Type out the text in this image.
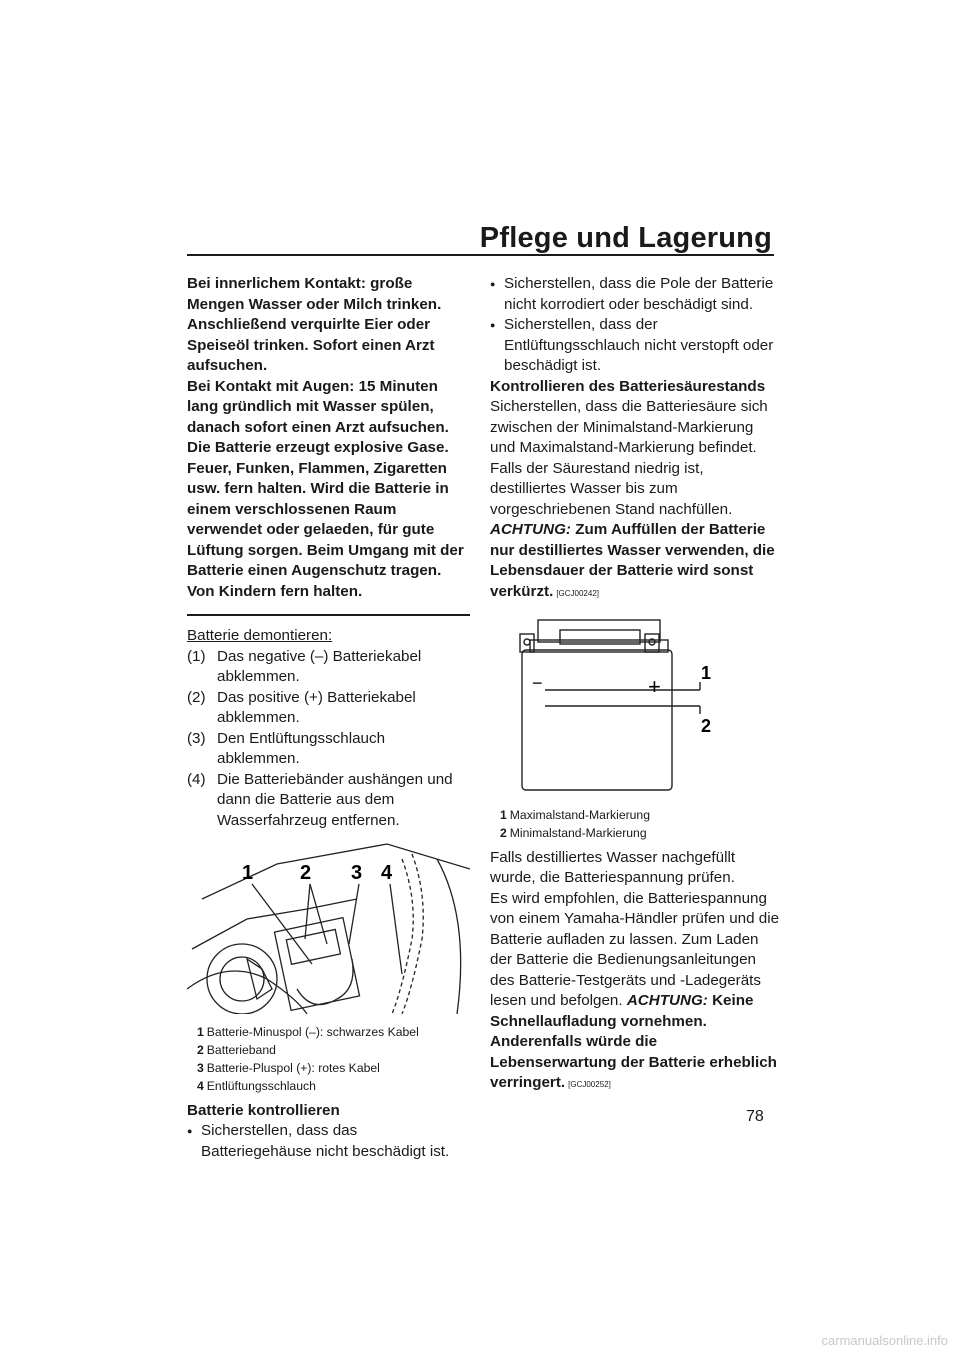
Pflege und Lagerung

Bei innerlichem Kontakt: große Mengen Wasser oder Milch trinken. Anschließend verquirlte Eier oder Speiseöl trinken. Sofort einen Arzt aufsuchen.

Bei Kontakt mit Augen: 15 Minuten lang gründlich mit Wasser spülen, danach sofort einen Arzt aufsuchen.

Die Batterie erzeugt explosive Gase. Feuer, Funken, Flammen, Zigaretten usw. fern halten. Wird die Batterie in einem verschlossenen Raum verwendet oder gelaeden, für gute Lüftung sorgen. Beim Umgang mit der Batterie einen Augenschutz tragen.

Von Kindern fern halten.

Batterie demontieren:

(1) Das negative (–) Batteriekabel abklemmen.
(2) Das positive (+) Batteriekabel abklemmen.
(3) Den Entlüftungsschlauch abklemmen.
(4) Die Batteriebänder aushängen und dann die Batterie aus dem Wasserfahrzeug entfernen.
1 2 3 4
1 Batterie-Minuspol (–): schwarzes Kabel
2 Batterieband
3 Batterie-Pluspol (+): rotes Kabel
4 Entlüftungsschlauch

Batterie kontrollieren

● Sicherstellen, dass das Batteriegehäuse nicht beschädigt ist.
● Sicherstellen, dass die Pole der Batterie nicht korrodiert oder beschädigt sind.
● Sicherstellen, dass der Entlüftungsschlauch nicht verstopft oder beschädigt ist.

Kontrollieren des Batteriesäurestands

Sicherstellen, dass die Batteriesäure sich zwischen der Minimalstand-Markierung und Maximalstand-Markierung befindet.

Falls der Säurestand niedrig ist, destilliertes Wasser bis zum vorgeschriebenen Stand nachfüllen. ACHTUNG: Zum Auffüllen der Batterie nur destilliertes Wasser verwenden, die Lebensdauer der Batterie wird sonst verkürzt. [GCJ00242]

−	+
1
2
1 Maximalstand-Markierung
2 Minimalstand-Markierung

Falls destilliertes Wasser nachgefüllt wurde, die Batteriespannung prüfen.

Es wird empfohlen, die Batteriespannung von einem Yamaha-Händler prüfen und die Batterie aufladen zu lassen. Zum Laden der Batterie die Bedienungsanleitungen des Batterie-Testgeräts und -Ladegeräts lesen und befolgen. ACHTUNG: Keine Schnellaufladung vornehmen. Anderenfalls würde die Lebenserwartung der Batterie erheblich verringert. [GCJ00252]

78
carmanualsonline.info
